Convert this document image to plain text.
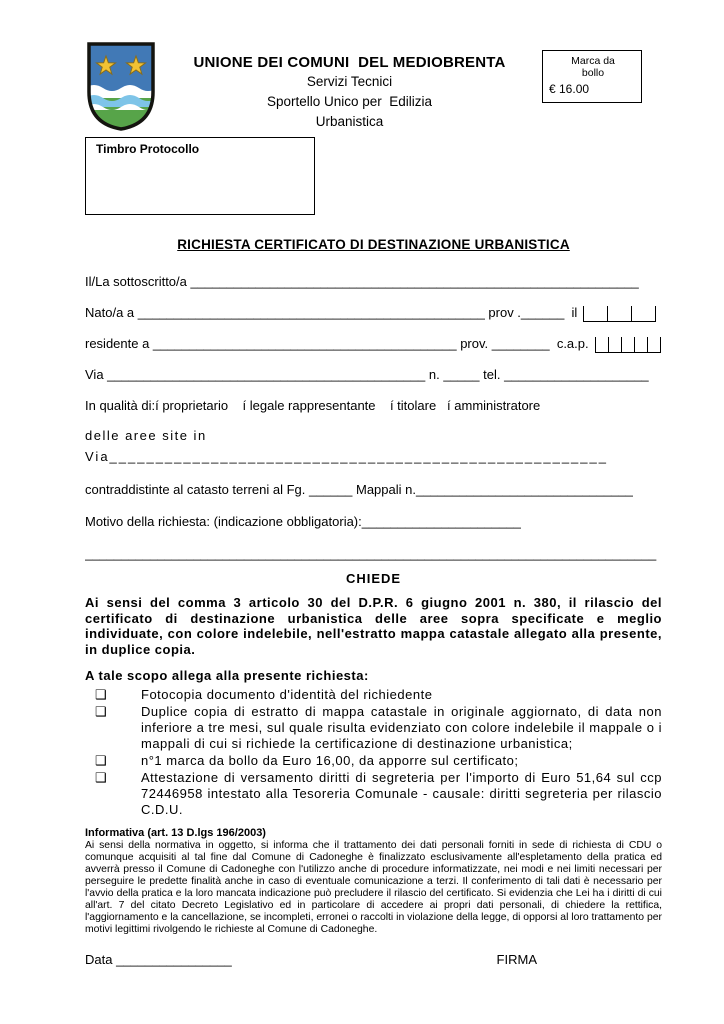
UNIONE DEI COMUNI  DEL MEDIOBRENTA
Servizi Tecnici
Sportello Unico per  Edilizia
Urbanistica
Marca da
bollo
€ 16.00
Timbro Protocollo
RICHIESTA CERTIFICATO DI DESTINAZIONE URBANISTICA
Il/La sottoscritto/a ______________________________________________________________
Nato/a a ________________________________________________ prov .______  il
residente a __________________________________________ prov. ________  c.a.p.
Via ____________________________________________ n. _____ tel. ____________________
In qualità di:í proprietario    í legale rappresentante    í titolare   í amministratore
delle aree site in
Via______________________________________________________
contraddistinte al catasto terreni al Fg. ______ Mappali n.______________________________
Motivo della richiesta: (indicazione obbligatoria):______________________
_______________________________________________________________________________
CHIEDE
Ai sensi del comma 3 articolo 30 del D.P.R. 6 giugno 2001 n. 380, il rilascio del certificato di destinazione urbanistica delle aree sopra specificate e meglio individuate, con colore indelebile, nell'estratto mappa catastale allegato alla presente, in duplice copia.
A tale scopo allega alla presente richiesta:
❑	Fotocopia documento d'identità del richiedente
❑	Duplice copia di estratto di mappa catastale in originale aggiornato, di data non inferiore a tre mesi, sul quale risulta evidenziato con colore indelebile il mappale o i mappali di cui si richiede la certificazione di destinazione urbanistica;
❑	n°1 marca da bollo da Euro 16,00, da apporre sul certificato;
❑	Attestazione di versamento diritti di segreteria per l'importo di Euro 51,64 sul ccp 72446958 intestato alla Tesoreria Comunale - causale: diritti segreteria per rilascio C.D.U.
Informativa (art. 13 D.lgs 196/2003)
Ai sensi della normativa in oggetto, si informa che il trattamento dei dati personali forniti in sede di richiesta di CDU o comunque acquisiti al tal fine dal Comune di Cadoneghe è finalizzato esclusivamente all'espletamento della pratica ed avverrà presso il Comune di Cadoneghe con l'utilizzo anche di procedure informatizzate, nei modi e nei limiti necessari per perseguire le predette finalità anche in caso di eventuale comunicazione a terzi. Il conferimento di tali dati è necessario per l'avvio della pratica e la loro mancata indicazione può precludere il rilascio del certificato. Si evidenzia che Lei ha i diritti di cui all'art. 7 del citato Decreto Legislativo ed in particolare di accedere ai propri dati personali, di chiedere la rettifica, l'aggiornamento e la cancellazione, se incompleti, erronei o raccolti in violazione della legge, di opporsi al loro trattamento per motivi legittimi rivolgendo le richieste al Comune di Cadoneghe.
Data ________________	FIRMA
